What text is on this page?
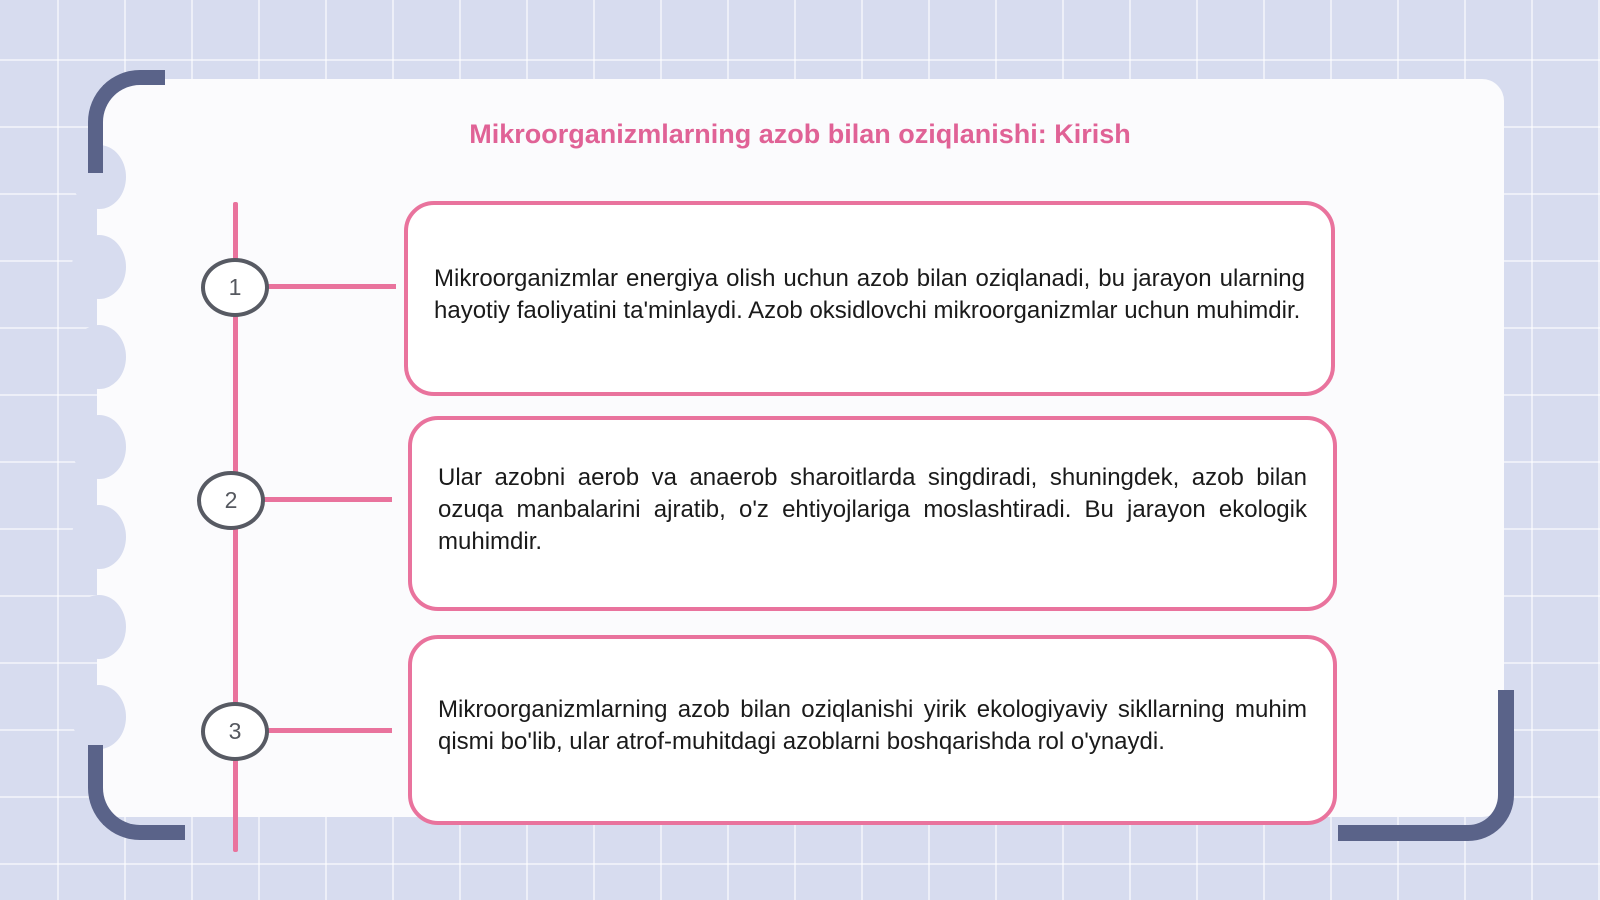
Mikroorganizmlarning azob bilan oziqlanishi: Kirish
1
2
3
Mikroorganizmlar energiya olish uchun azob bilan oziqlanadi, bu jarayon ularning hayotiy faoliyatini ta'minlaydi. Azob oksidlovchi mikroorganizmlar uchun muhimdir.
Ular azobni aerob va anaerob sharoitlarda singdiradi, shuningdek, azob bilan ozuqa manbalarini ajratib, o'z ehtiyojlariga moslashtiradi. Bu jarayon ekologik muhimdir.
Mikroorganizmlarning azob bilan oziqlanishi yirik ekologiyaviy sikllarning muhim qismi bo'lib, ular atrof-muhitdagi azoblarni boshqarishda rol o'ynaydi.
